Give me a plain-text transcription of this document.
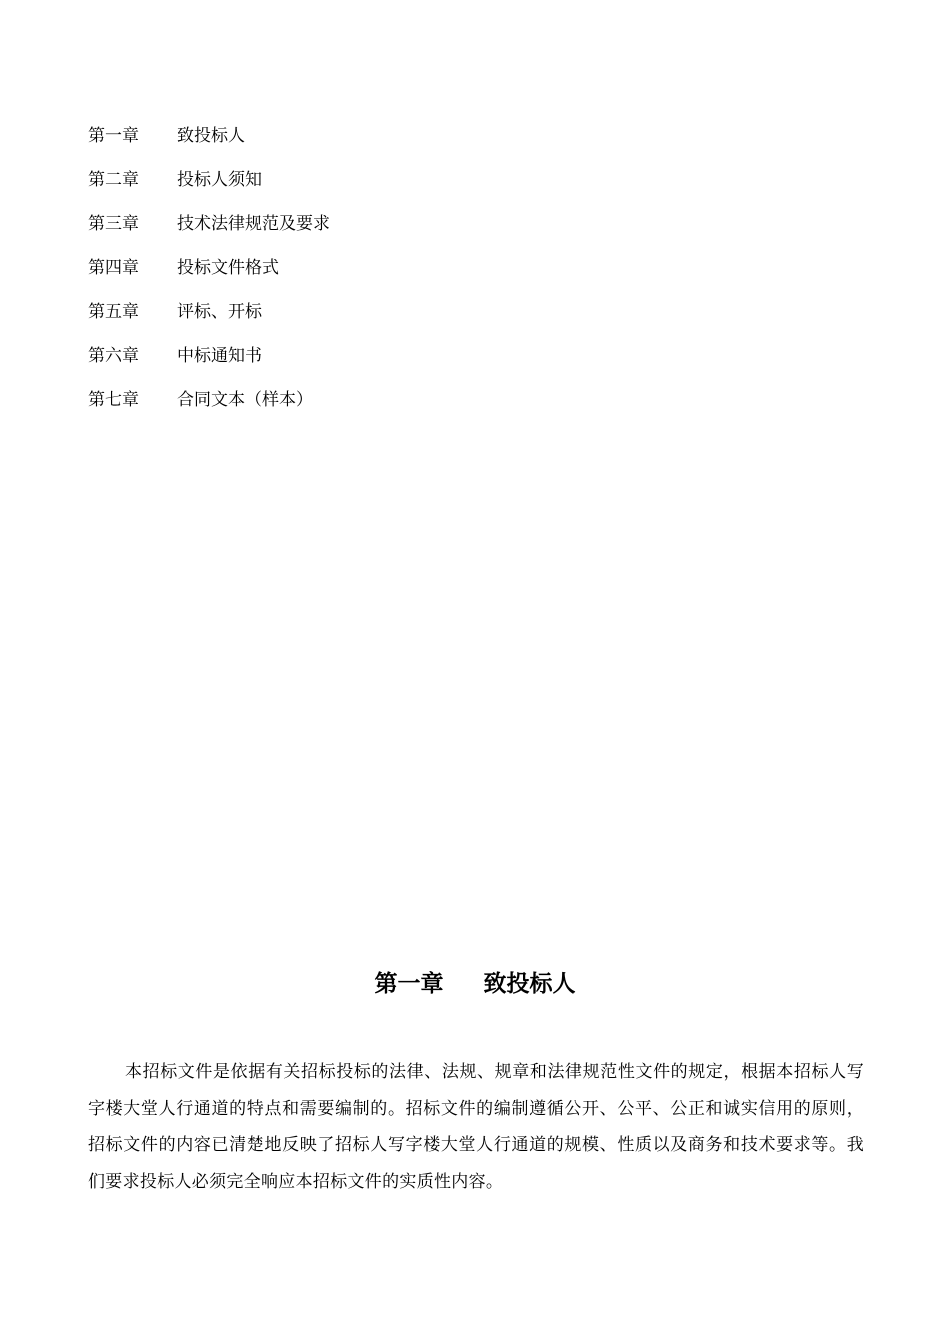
第一章	致投标人
第二章	投标人须知
第三章	技术法律规范及要求
第四章	投标文件格式
第五章	评标、开标
第六章	中标通知书
第七章	合同文本（样本）
第一章 致投标人

本招标文件是依据有关招标投标的法律、法规、规章和法律规范性文件的规定，根据本招标人写字楼大堂人行通道的特点和需要编制的。招标文件的编制遵循公开、公平、公正和诚实信用的原则，招标文件的内容已清楚地反映了招标人写字楼大堂人行通道的规模、性质以及商务和技术要求等。我们要求投标人必须完全响应本招标文件的实质性内容。
